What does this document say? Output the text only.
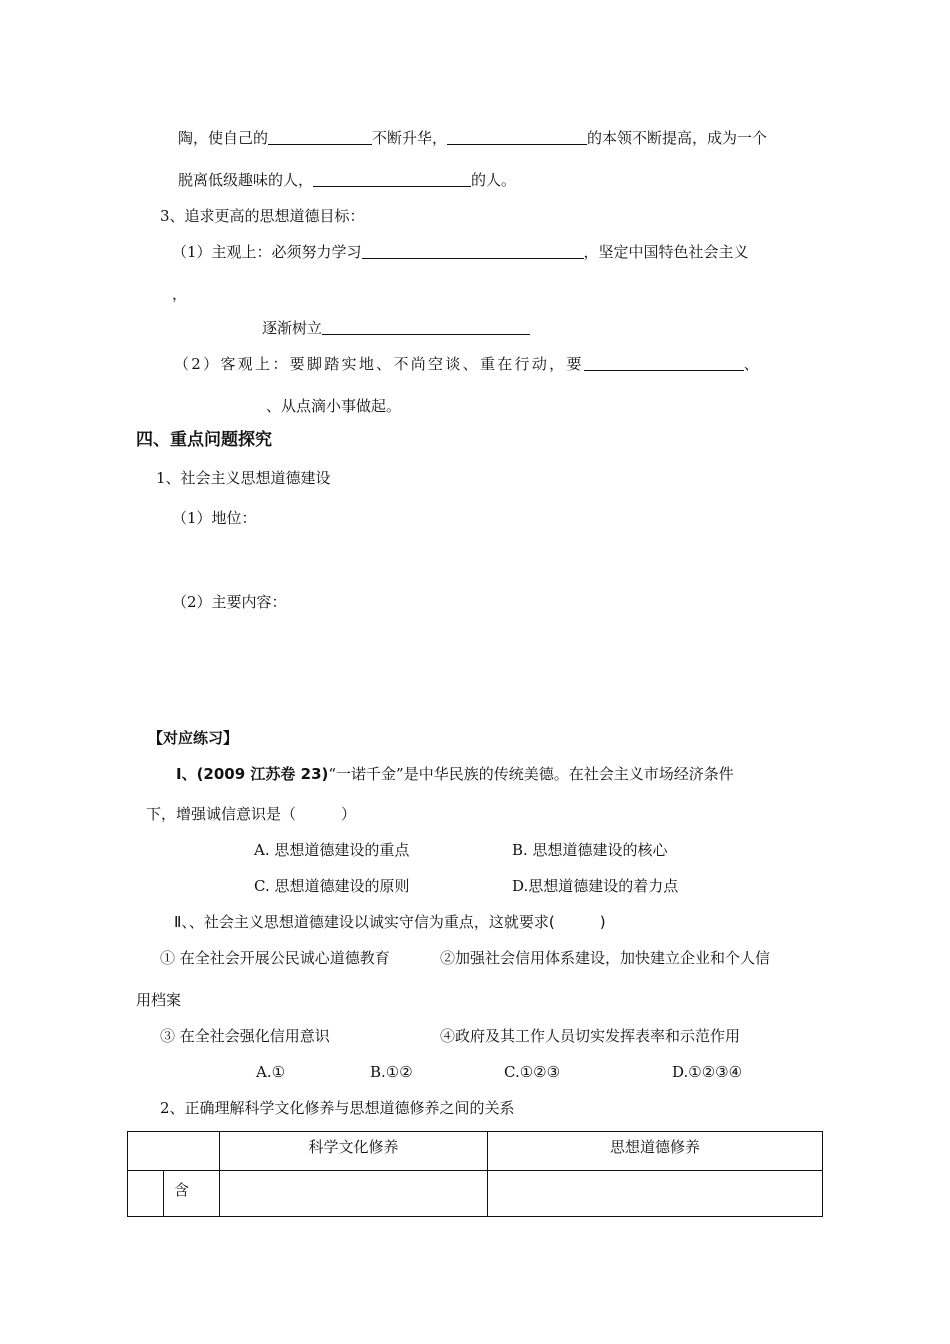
陶，使自己的	不断升华，	的本领不断提高，成为一个
脱离低级趣味的人，	的人。
3、追求更高的思想道德目标：
（1）主观上：必须努力学习	，坚定中国特色社会主义
，
逐渐树立
（2）客观上：要脚踏实地、不尚空谈、重在行动，要	、
、从点滴小事做起。
四、重点问题探究
1、社会主义思想道德建设
（1）地位：
（2）主要内容：
【对应练习】
Ⅰ、(2009 江苏卷 23)“一诺千金”是中华民族的传统美德。在社会主义市场经济条件
下，增强诚信意识是（　　　）
A. 思想道德建设的重点	B. 思想道德建设的核心
C. 思想道德建设的原则	D.思想道德建设的着力点
Ⅱ、、社会主义思想道德建设以诚实守信为重点，这就要求(　　　)
① 在全社会开展公民诚心道德教育	②加强社会信用体系建设，加快建立企业和个人信
用档案
③ 在全社会强化信用意识	④政府及其工作人员切实发挥表率和示范作用
A.①	B.①②	C.①②③	D.①②③④
2、正确理解科学文化修养与思想道德修养之间的关系
		科学文化修养	思想道德修养
	含		
